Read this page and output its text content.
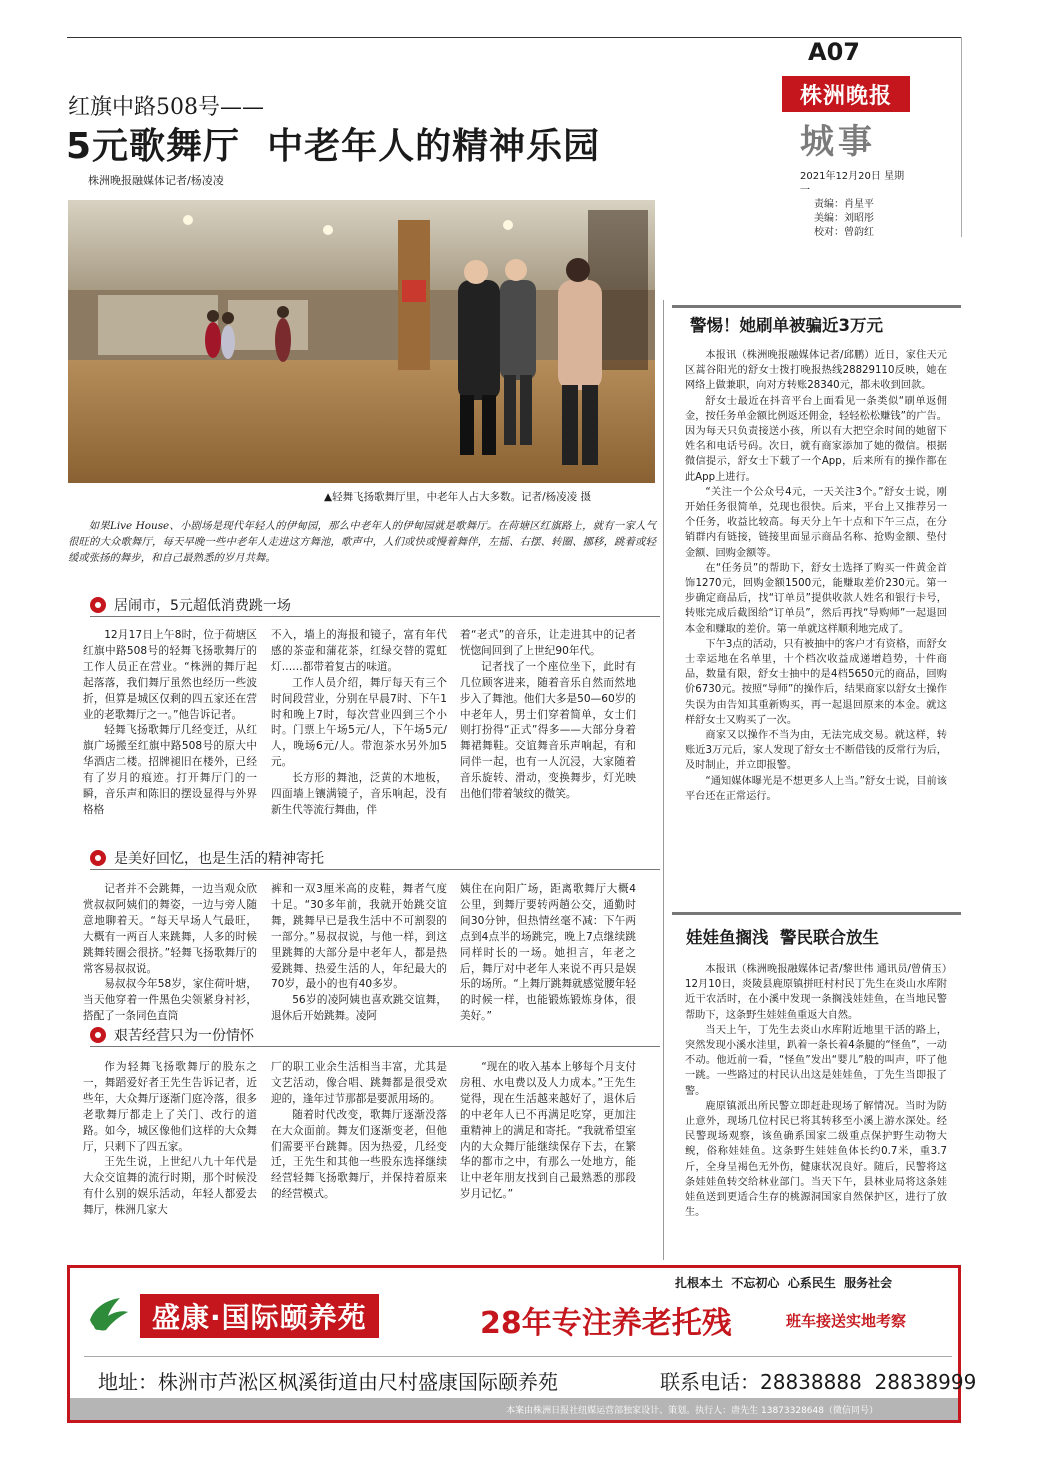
A07
株洲晚报
城事
2021年12月20日 星期一
责编：肖星平
美编：刘昭彤
校对：曾韵红
红旗中路508号——
5元歌舞厅  中老年人的精神乐园
株洲晚报融媒体记者/杨凌凌
▲轻舞飞扬歌舞厅里，中老年人占大多数。记者/杨凌凌 摄
如果Live House、小剧场是现代年轻人的伊甸园，那么中老年人的伊甸园就是歌舞厅。在荷塘区红旗路上，就有一家人气很旺的大众歌舞厅，每天早晚一些中老年人走进这方舞池，歌声中，人们或快或慢着舞伴，左摇、右摆、转圈、挪移，跳着或轻缓或张扬的舞步，和自己最熟悉的岁月共舞。
居闹市，5元超低消费跳一场

12月17日上午8时，位于荷塘区红旗中路508号的轻舞飞扬歌舞厅的工作人员正在营业。“株洲的舞厅起起落落，我们舞厅虽然也经历一些波折，但算是城区仅剩的四五家还在营业的老歌舞厅之一。”他告诉记者。

轻舞飞扬歌舞厅几经变迁，从红旗广场搬至红旗中路508号的原大中华酒店二楼。招牌褪旧在楼外，已经有了岁月的痕迹。打开舞厅门的一瞬，音乐声和陈旧的摆设显得与外界格格

不入，墙上的海报和镜子，富有年代感的茶壶和蒲花茶，红绿交替的霓虹灯……都带着复古的味道。

工作人员介绍，舞厅每天有三个时间段营业，分别在早晨7时、下午1时和晚上7时，每次营业四到三个小时。门票上午场5元/人，下午场5元/人，晚场6元/人。带泡茶水另外加5元。

长方形的舞池，泛黄的木地板，四面墙上镶满镜子，音乐响起，没有新生代等流行舞曲，伴

着“老式”的音乐，让走进其中的记者恍惚间回到了上世纪90年代。

记者找了一个座位坐下，此时有几位顾客进来，随着音乐自然而然地步入了舞池。他们大多是50—60岁的中老年人，男士们穿着简单，女士们则打扮得“正式”得多——大部分身着舞裙舞鞋。交谊舞音乐声响起，有和同伴一起，也有一人沉浸，大家随着音乐旋转、滑动，变换舞步，灯光映出他们带着皱纹的微笑。

是美好回忆，也是生活的精神寄托

记者并不会跳舞，一边当观众欣赏叔叔阿姨们的舞姿，一边与旁人随意地聊着天。“每天早场人气最旺，大概有一两百人来跳舞，人多的时候跳舞转圈会很挤。”轻舞飞扬歌舞厅的常客易叔叔说。

易叔叔今年58岁，家住荷叶塘，当天他穿着一件黑色尖领紧身衬衫，搭配了一条同色直筒

裤和一双3厘米高的皮鞋，舞者气度十足。“30多年前，我就开始跳交谊舞，跳舞早已是我生活中不可割裂的一部分。”易叔叔说，与他一样，到这里跳舞的大部分是中老年人，都是热爱跳舞、热爱生活的人，年纪最大的70岁，最小的也有40多岁。

56岁的凌阿姨也喜欢跳交谊舞，退休后开始跳舞。凌阿

姨住在向阳广场，距离歌舞厅大概4公里，到舞厅要转两趟公交，通勤时间30分钟，但热情丝毫不减：下午两点到4点半的场跳完，晚上7点继续跳同样时长的一场。她担言，年老之后，舞厅对中老年人来说不再只是娱乐的场所。“上舞厅跳舞就感觉腰年轻的时候一样，也能锻炼锻炼身体，很美好。”

艰苦经营只为一份情怀

作为轻舞飞扬歌舞厅的股东之一，舞蹈爱好者王先生告诉记者，近些年，大众舞厅逐渐门庭冷落，很多老歌舞厅都走上了关门、改行的道路。如今，城区像他们这样的大众舞厅，只剩下了四五家。

王先生说，上世纪八九十年代是大众交谊舞的流行时期，那个时候没有什么别的娱乐活动，年轻人都爱去舞厅，株洲几家大

厂的职工业余生活相当丰富，尤其是文艺活动，像合唱、跳舞都是很受欢迎的，逢年过节那都是要派用场的。

随着时代改变，歌舞厅逐渐没落在大众面前。舞友们逐渐变老，但他们需要平台跳舞。因为热爱，几经变迁，王先生和其他一些股东选择继续经营轻舞飞扬歌舞厅，并保持着原来的经营模式。

“现在的收入基本上够每个月支付房租、水电费以及人力成本。”王先生觉得，现在生活越来越好了，退休后的中老年人已不再满足吃穿，更加注重精神上的满足和寄托。“我就希望室内的大众舞厅能继续保存下去，在繁华的都市之中，有那么一处地方，能让中老年朋友找到自己最熟悉的那段岁月记忆。”

警惕！她刷单被骗近3万元

本报讯（株洲晚报融媒体记者/邱鹏）近日，家住天元区蒿谷阳光的舒女士拨打晚报热线28829110反映，她在网络上做兼职，向对方转账28340元，都未收到回款。

舒女士最近在抖音平台上面看见一条类似“刷单返佣金，按任务单金额比例返还佣金，轻轻松松赚钱”的广告。因为每天只负责接送小孩，所以有大把空余时间的她留下姓名和电话号码。次日，就有商家添加了她的微信。根据微信提示，舒女士下载了一个App，后来所有的操作都在此App上进行。

“关注一个公众号4元，一天关注3个。”舒女士说，刚开始任务很简单，兑现也很快。后来，平台上又推荐另一个任务，收益比较高。每天分上午十点和下午三点，在分销群内有链接，链接里面显示商品名称、抢购金额、垫付金额、回购金额等。

在“任务员”的帮助下，舒女士选择了购买一件黄金首饰1270元，回购金额1500元，能赚取差价230元。第一步确定商品后，找“订单员”提供收款人姓名和银行卡号，转账完成后截图给“订单员”，然后再找“导购师”一起退回本金和赚取的差价。第一单就这样顺利地完成了。

下午3点的活动，只有被抽中的客户才有资格，而舒女士幸运地在名单里，十个档次收益成递增趋势，十件商品，数量有限，舒女士抽中的是4档5650元的商品，回购价6730元。按照“导师”的操作后，结果商家以舒女士操作失误为由告知其重新购买，再一起退回原来的本金。就这样舒女士又购买了一次。

商家又以操作不当为由，无法完成交易。就这样，转账近3万元后，家人发现了舒女士不断借钱的反常行为后，及时制止，并立即报警。

“通知媒体曝光是不想更多人上当。”舒女士说，目前该平台还在正常运行。

娃娃鱼搁浅  警民联合放生

本报讯（株洲晚报融媒体记者/黎世伟 通讯员/曾倩玉）12月10日，炎陵县鹿原镇拼旺村村民丁先生在炎山水库附近干农活时，在小溪中发现一条搁浅娃娃鱼，在当地民警帮助下，这条野生娃娃鱼重返大自然。

当天上午，丁先生去炎山水库附近地里干活的路上，突然发现小溪水洼里，趴着一条长着4条腿的“怪鱼”，一动不动。他近前一看，“怪鱼”发出“婴儿”般的叫声，吓了他一跳。一些路过的村民认出这是娃娃鱼，丁先生当即报了警。

鹿原镇派出所民警立即赶赴现场了解情况。当时为防止意外，现场几位村民已将其转移至小溪上游水深处。经民警现场观察，该鱼确系国家二级重点保护野生动物大鲵，俗称娃娃鱼。这条野生娃娃鱼体长约0.7米，重3.7斤，全身呈褐色无外伤，健康状况良好。随后，民警将这条娃娃鱼转交给林业部门。当天下午，县林业局将这条娃娃鱼送到更适合生存的桃源洞国家自然保护区，进行了放生。

扎根本土  不忘初心  心系民生  服务社会
盛康·国际颐养苑	28年专注养老托残	班车接送实地考察
地址：株洲市芦淞区枫溪街道由尺村盛康国际颐养苑	联系电话：28838888  28838999
本案由株洲日报社纽媒运营部独家设计、策划。执行人：唐先生 13873328648（微信同号）
